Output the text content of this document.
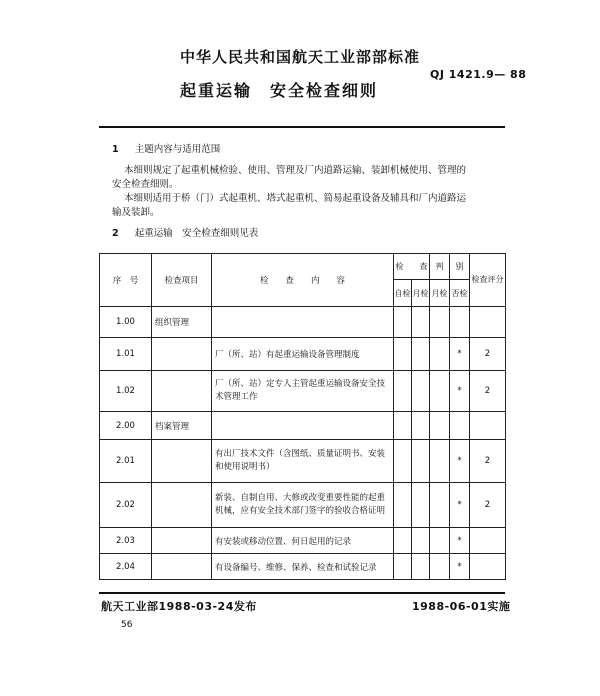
中华人民共和国航天工业部部标准
QJ 1421.9— 88
起重运输　安全检查细则
1 主题内容与适用范围
本细则规定了起重机械检验、使用、管理及厂内道路运输、装卸机械使用、管理的
安全检查细则。
本细则适用于桥（门）式起重机、塔式起重机、简易起重设备及辅具和厂内道路运
输及装卸。
2 起重运输　安全检查细则见表
序　号	检查项目	检　　查　　内　　容	检　　查		判	别	检查评分
			自检	月检	月检	否检	
1.00	组织管理						
1.01		厂（所、站）有起重运输设备管理制度				*	2
1.02		厂（所、站）定专人主管起重运输设备安全技
术管理工作				*	2
2.00	档案管理						
2.01		有出厂技术文件（含图纸、质量证明书、安装
和使用说明书）				*	2
2.02		新装、自制自用、大修或改变重要性能的起重
机械，应有安全技术部门签字的验收合格证明				*	2
2.03		有安装或移动位置、何日起用的记录				*	
2.04		有设备编号、维修、保养、检查和试验记录				*	
航天工业部1988-03-24发布	1988-06-01实施
56
